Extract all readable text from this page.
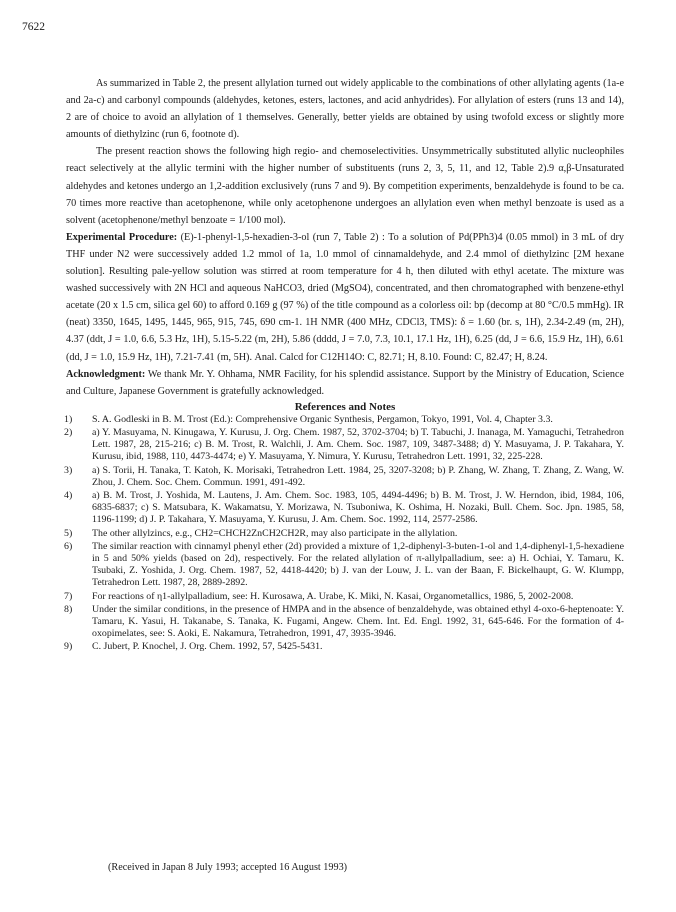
7622

As summarized in Table 2, the present allylation turned out widely applicable to the combinations of other allylating agents (1a-e and 2a-c) and carbonyl compounds (aldehydes, ketones, esters, lactones, and acid anhydrides). For allylation of esters (runs 13 and 14), 2 are of choice to avoid an allylation of 1 themselves. Generally, better yields are obtained by using twofold excess or slightly more amounts of diethylzinc (run 6, footnote d).

The present reaction shows the following high regio- and chemoselectivities. Unsymmetrically substituted allylic nucleophiles react selectively at the allylic termini with the higher number of substituents (runs 2, 3, 5, 11, and 12, Table 2).9 α,β-Unsaturated aldehydes and ketones undergo an 1,2-addition exclusively (runs 7 and 9). By competition experiments, benzaldehyde is found to be ca. 70 times more reactive than acetophenone, while only acetophenone undergoes an allylation even when methyl benzoate is used as a solvent (acetophenone/methyl benzoate = 1/100 mol).

Experimental Procedure: (E)-1-phenyl-1,5-hexadien-3-ol (run 7, Table 2) : To a solution of Pd(PPh3)4 (0.05 mmol) in 3 mL of dry THF under N2 were successively added 1.2 mmol of 1a, 1.0 mmol of cinnamaldehyde, and 2.4 mmol of diethylzinc [2M hexane solution]. Resulting pale-yellow solution was stirred at room temperature for 4 h, then diluted with ethyl acetate. The mixture was washed successively with 2N HCl and aqueous NaHCO3, dried (MgSO4), concentrated, and then chromatographed with benzene-ethyl acetate (20 x 1.5 cm, silica gel 60) to afford 0.169 g (97 %) of the title compound as a colorless oil: bp (decomp at 80 °C/0.5 mmHg). IR (neat) 3350, 1645, 1495, 1445, 965, 915, 745, 690 cm-1. 1H NMR (400 MHz, CDCl3, TMS): δ = 1.60 (br. s, 1H), 2.34-2.49 (m, 2H), 4.37 (ddt, J = 1.0, 6.6, 5.3 Hz, 1H), 5.15-5.22 (m, 2H), 5.86 (dddd, J = 7.0, 7.3, 10.1, 17.1 Hz, 1H), 6.25 (dd, J = 6.6, 15.9 Hz, 1H), 6.61 (dd, J = 1.0, 15.9 Hz, 1H), 7.21-7.41 (m, 5H). Anal. Calcd for C12H14O: C, 82.71; H, 8.10. Found: C, 82.47; H, 8.24.

Acknowledgment: We thank Mr. Y. Ohhama, NMR Facility, for his splendid assistance. Support by the Ministry of Education, Science and Culture, Japanese Government is gratefully acknowledged.

References and Notes
1) S. A. Godleski in B. M. Trost (Ed.): Comprehensive Organic Synthesis, Pergamon, Tokyo, 1991, Vol. 4, Chapter 3.3.
2) a) Y. Masuyama, N. Kinugawa, Y. Kurusu, J. Org. Chem. 1987, 52, 3702-3704; b) T. Tabuchi, J. Inanaga, M. Yamaguchi, Tetrahedron Lett. 1987, 28, 215-216; c) B. M. Trost, R. Walchli, J. Am. Chem. Soc. 1987, 109, 3487-3488; d) Y. Masuyama, J. P. Takahara, Y. Kurusu, ibid, 1988, 110, 4473-4474; e) Y. Masuyama, Y. Nimura, Y. Kurusu, Tetrahedron Lett. 1991, 32, 225-228.
3) a) S. Torii, H. Tanaka, T. Katoh, K. Morisaki, Tetrahedron Lett. 1984, 25, 3207-3208; b) P. Zhang, W. Zhang, T. Zhang, Z. Wang, W. Zhou, J. Chem. Soc. Chem. Commun. 1991, 491-492.
4) a) B. M. Trost, J. Yoshida, M. Lautens, J. Am. Chem. Soc. 1983, 105, 4494-4496; b) B. M. Trost, J. W. Herndon, ibid, 1984, 106, 6835-6837; c) S. Matsubara, K. Wakamatsu, Y. Morizawa, N. Tsuboniwa, K. Oshima, H. Nozaki, Bull. Chem. Soc. Jpn. 1985, 58, 1196-1199; d) J. P. Takahara, Y. Masuyama, Y. Kurusu, J. Am. Chem. Soc. 1992, 114, 2577-2586.
5) The other allylzincs, e.g., CH2=CHCH2ZnCH2CH2R, may also participate in the allylation.
6) The similar reaction with cinnamyl phenyl ether (2d) provided a mixture of 1,2-diphenyl-3-buten-1-ol and 1,4-diphenyl-1,5-hexadiene in 5 and 50% yields (based on 2d), respectively. For the related allylation of π-allylpalladium, see: a) H. Ochiai, Y. Tamaru, K. Tsubaki, Z. Yoshida, J. Org. Chem. 1987, 52, 4418-4420; b) J. van der Louw, J. L. van der Baan, F. Bickelhaupt, G. W. Klumpp, Tetrahedron Lett. 1987, 28, 2889-2892.
7) For reactions of η1-allylpalladium, see: H. Kurosawa, A. Urabe, K. Miki, N. Kasai, Organometallics, 1986, 5, 2002-2008.
8) Under the similar conditions, in the presence of HMPA and in the absence of benzaldehyde, was obtained ethyl 4-oxo-6-heptenoate: Y. Tamaru, K. Yasui, H. Takanabe, S. Tanaka, K. Fugami, Angew. Chem. Int. Ed. Engl. 1992, 31, 645-646. For the formation of 4-oxopimelates, see: S. Aoki, E. Nakamura, Tetrahedron, 1991, 47, 3935-3946.
9) C. Jubert, P. Knochel, J. Org. Chem. 1992, 57, 5425-5431.
(Received in Japan 8 July 1993; accepted 16 August 1993)
